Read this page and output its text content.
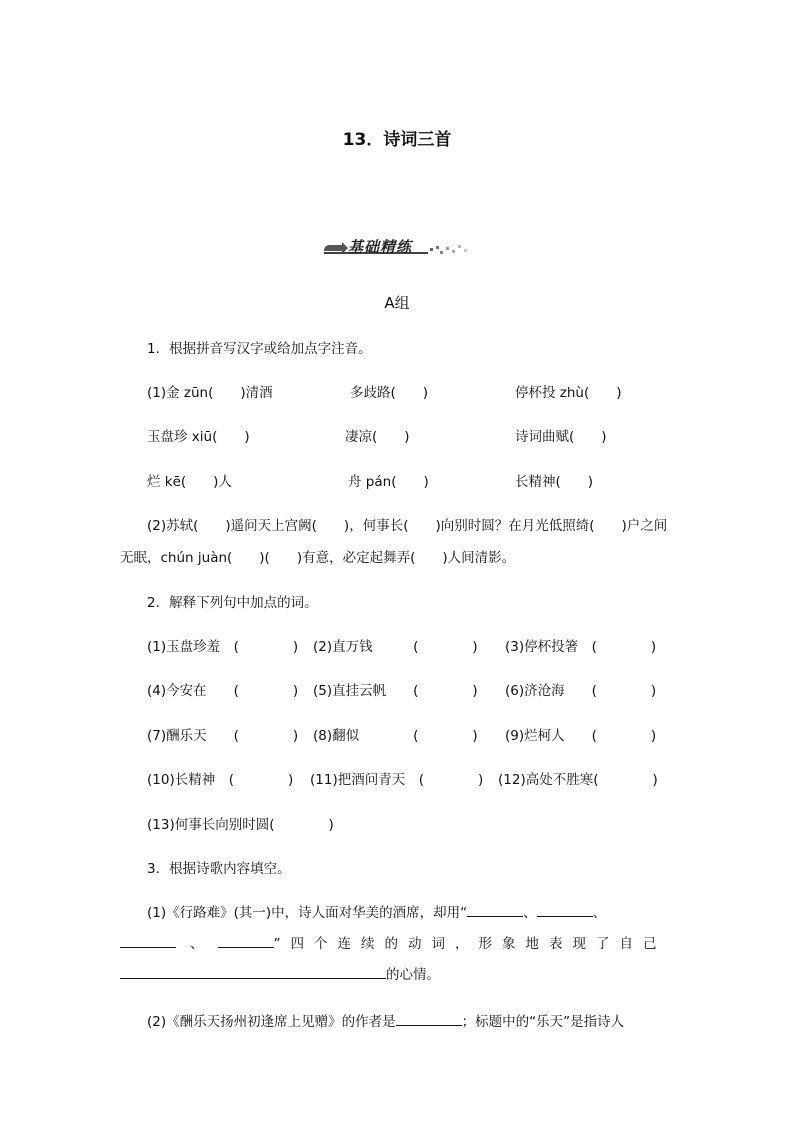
13．诗词三首
基础精练
A组
1．根据拼音写汉字或给加点字注音。
(1)金 zūn(　　)清酒	多歧路(　　)	停杯投 zhù(　　)
玉盘珍 xiū(　　)	凄凉(　　)	诗词曲赋(　　)
烂 kē(　　)人	舟 pán(　　)	长精神(　　)
(2)苏轼(　　)遥问天上宫阙(　　)，何事长(　　)向别时圆？在月光低照绮(　　)户之间
无眠，chún juàn(　　)(　　)有意，必定起舞弄(　　)人间清影。
2．解释下列句中加点的词。
(1)玉盘珍羞　(　　　　) (2)直万钱　　　(　　　　) (3)停杯投箸　(　　　　)
(4)今安在　　(　　　　) (5)直挂云帆　　(　　　　) (6)济沧海　　(　　　　)
(7)酬乐天　　(　　　　) (8)翻似　　　　(　　　　) (9)烂柯人　　(　　　　)
(10)长精神　(　　　　) (11)把酒问青天　(　　　　) (12)高处不胜寒(　　　　)
(13)何事长向别时圆(　　　　)
3．根据诗歌内容填空。
(1)《行路难》(其一)中，诗人面对华美的酒席，却用“	、	、
、	”四个连续的动词，形象地表现了自己
的心情。
(2)《酬乐天扬州初逢席上见赠》的作者是	；标题中的“乐天”是指诗人
